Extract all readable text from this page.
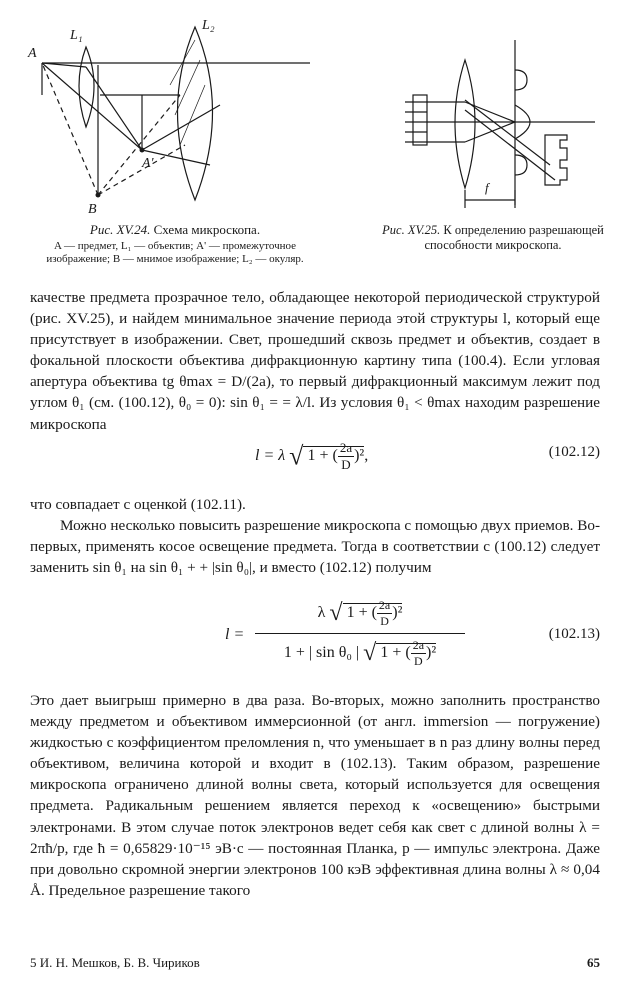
A
L₁
L₂
A'
B
Рис. XV.24. Схема микроскопа.
A — предмет, L₁ — объектив; A' — промежуточное изображение; B — мнимое изображение; L₂ — окуляр.
f
Рис. XV.25. К определению разрешающей способности микроскопа.

качестве предмета прозрачное тело, обладающее некоторой периодической структурой (рис. XV.25), и найдем минимальное значение периода этой структуры l, который еще присутствует в изображении. Свет, прошедший сквозь предмет и объектив, создает в фокальной плоскости объектива дифракционную картину типа (100.4). Если угловая апертура объектива tg θmax = D/(2a), то первый дифракционный максимум лежит под углом θ₁ (см. (100.12), θ₀ = 0): sin θ₁ = = λ/l. Из условия θ₁ < θmax находим разрешение микроскопа

l = λ √ 1 + ( $\frac{2a}{D} )^2$,	(102.12)

что совпадает с оценкой (102.11).

Можно несколько повысить разрешение микроскопа с помощью двух приемов. Во-первых, применять косое освещение предмета. Тогда в соответствии с (100.12) следует заменить sin θ₁ на sin θ₁ + + |sin θ₀|, и вместо (102.12) получим

l =
λ √ 1 + ( $\frac{2a}{D} )^2$
1 + | sin θ₀ | √ 1 + ( $\frac{2a}{D} )^2$
(102.13)

Это дает выигрыш примерно в два раза. Во-вторых, можно заполнить пространство между предметом и объективом иммерсионной (от англ. immersion — погружение) жидкостью с коэффициентом преломления n, что уменьшает в n раз длину волны перед объективом, величина которой и входит в (102.13). Таким образом, разрешение микроскопа ограничено длиной волны света, который используется для освещения предмета. Радикальным решением является переход к «освещению» быстрыми электронами. В этом случае поток электронов ведет себя как свет с длиной волны λ = 2πħ/p, где ħ = 0,65829·10⁻¹⁵ эВ·с — постоянная Планка, p — импульс электрона. Даже при довольно скромной энергии электронов 100 кэВ эффективная длина волны λ ≈ 0,04 Å. Предельное разрешение такого

5 И. Н. Мешков, Б. В. Чириков	65
